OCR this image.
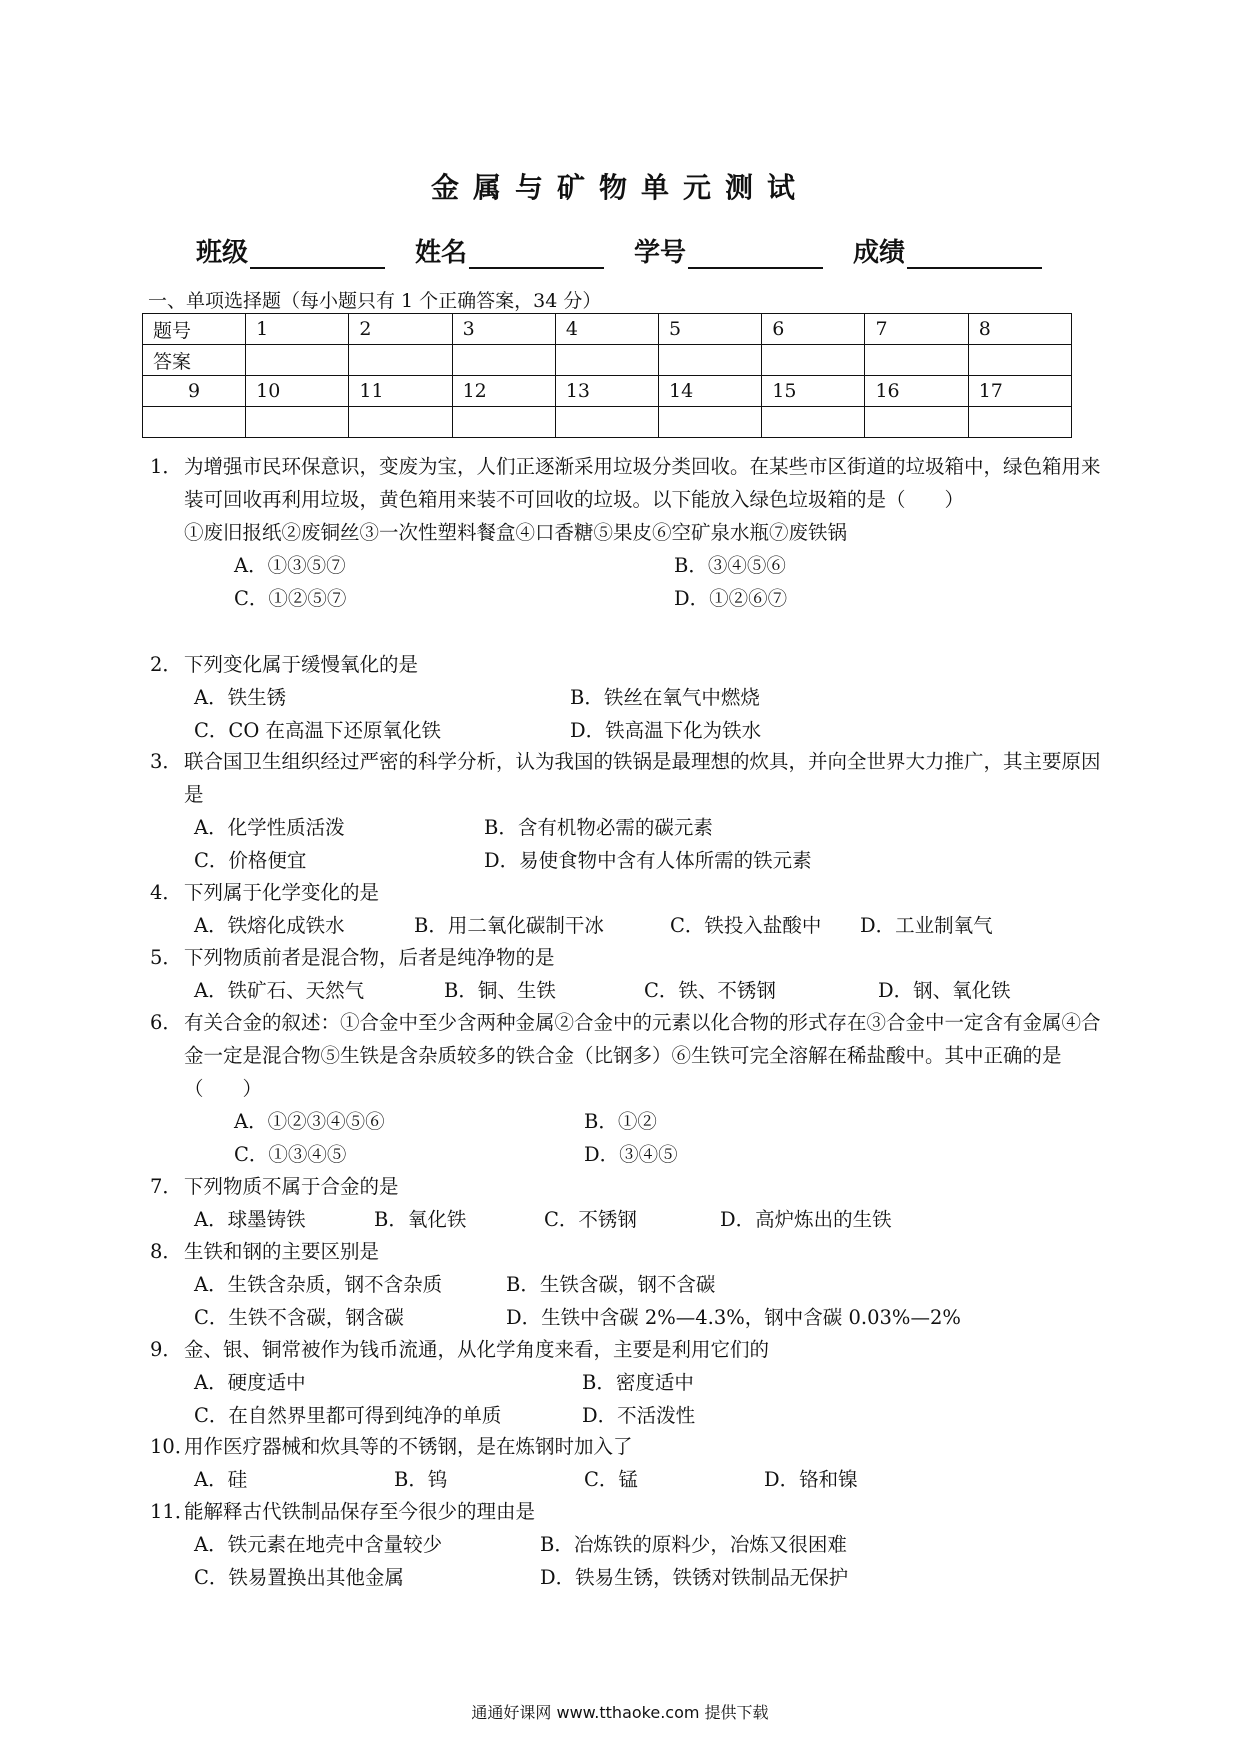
金属与矿物单元测试
班级	姓名	学号	成绩
一、单项选择题（每小题只有 1 个正确答案，34 分）
题号	1	2	3	4	5	6	7	8
答案								
9	10	11	12	13	14	15	16	17

1． 为增强市民环保意识，变废为宝，人们正逐渐采用垃圾分类回收。在某些市区街道的垃圾箱中，绿色箱用来装可回收再利用垃圾，黄色箱用来装不可回收的垃圾。以下能放入绿色垃圾箱的是（　　）
①废旧报纸②废铜丝③一次性塑料餐盒④口香糖⑤果皮⑥空矿泉水瓶⑦废铁锅
A．①③⑤⑦	B．③④⑤⑥
C．①②⑤⑦	D．①②⑥⑦
2． 下列变化属于缓慢氧化的是
A．铁生锈	B．铁丝在氧气中燃烧
C．CO 在高温下还原氧化铁	D．铁高温下化为铁水
3． 联合国卫生组织经过严密的科学分析，认为我国的铁锅是最理想的炊具，并向全世界大力推广，其主要原因是
A．化学性质活泼	B．含有机物必需的碳元素
C．价格便宜	D．易使食物中含有人体所需的铁元素
4． 下列属于化学变化的是
A．铁熔化成铁水	B．用二氧化碳制干冰	C．铁投入盐酸中	D．工业制氧气
5． 下列物质前者是混合物，后者是纯净物的是
A．铁矿石、天然气	B．铜、生铁	C．铁、不锈钢	D．钢、氧化铁
6． 有关合金的叙述：①合金中至少含两种金属②合金中的元素以化合物的形式存在③合金中一定含有金属④合金一定是混合物⑤生铁是含杂质较多的铁合金（比钢多）⑥生铁可完全溶解在稀盐酸中。其中正确的是（　　）
A．①②③④⑤⑥	B．①②
C．①③④⑤	D．③④⑤
7． 下列物质不属于合金的是
A．球墨铸铁	B．氧化铁	C．不锈钢	D．高炉炼出的生铁
8． 生铁和钢的主要区别是
A．生铁含杂质，钢不含杂质	B．生铁含碳，钢不含碳
C．生铁不含碳，钢含碳	D．生铁中含碳 2%—4.3%，钢中含碳 0.03%—2%
9． 金、银、铜常被作为钱币流通，从化学角度来看，主要是利用它们的
A．硬度适中	B．密度适中
C．在自然界里都可得到纯净的单质	D．不活泼性
10．
用作医疗器械和炊具等的不锈钢，是在炼钢时加入了
A．硅	B．钨	C．锰	D．铬和镍
11．
能解释古代铁制品保存至今很少的理由是
A．铁元素在地壳中含量较少	B．冶炼铁的原料少，冶炼又很困难
C．铁易置换出其他金属	D．铁易生锈，铁锈对铁制品无保护
通通好课网 www.tthaoke.com 提供下载
